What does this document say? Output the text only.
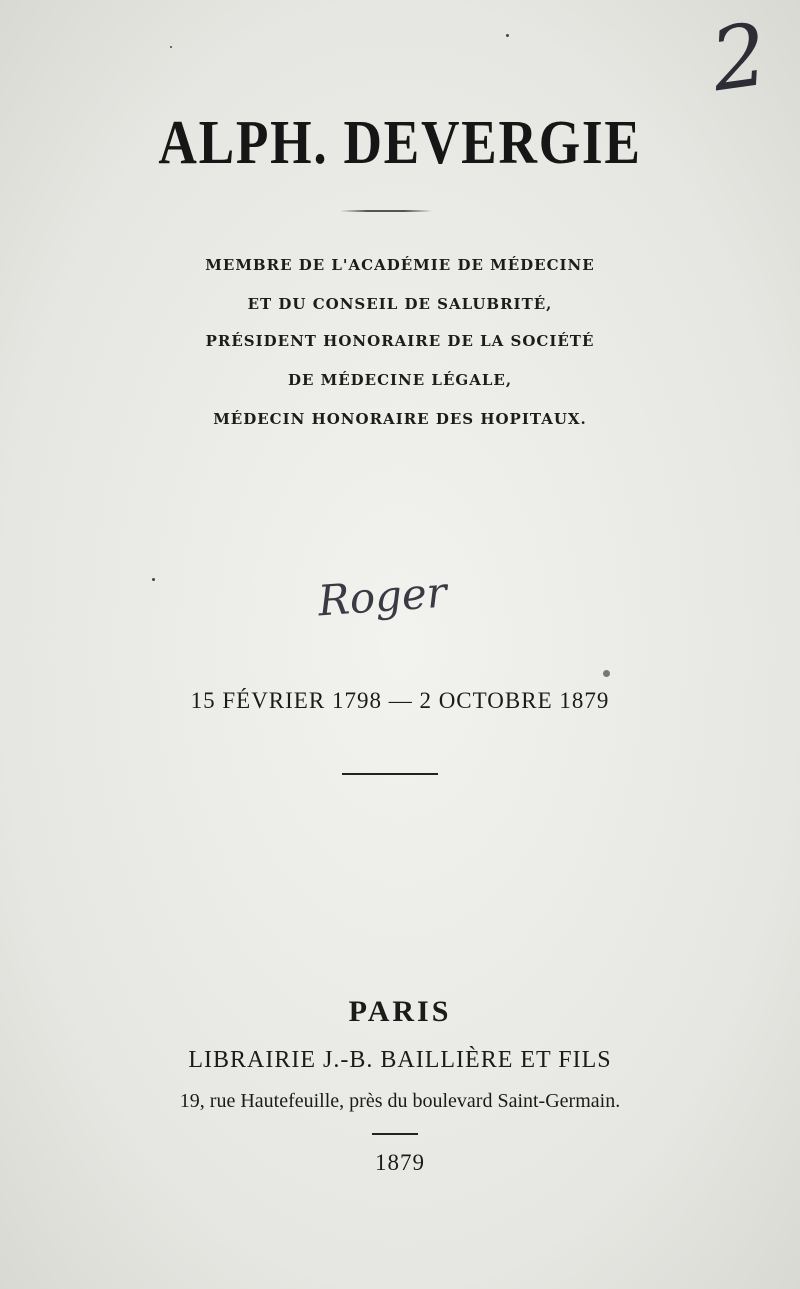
2
ALPH. DEVERGIE
MEMBRE DE L'ACADÉMIE DE MÉDECINE
ET DU CONSEIL DE SALUBRITÉ,
PRÉSIDENT HONORAIRE DE LA SOCIÉTÉ
DE MÉDECINE LÉGALE,
MÉDECIN HONORAIRE DES HOPITAUX.
Roger
15 FÉVRIER 1798 — 2 OCTOBRE 1879
PARIS
LIBRAIRIE J.-B. BAILLIÈRE ET FILS
19, rue Hautefeuille, près du boulevard Saint-Germain.
1879
